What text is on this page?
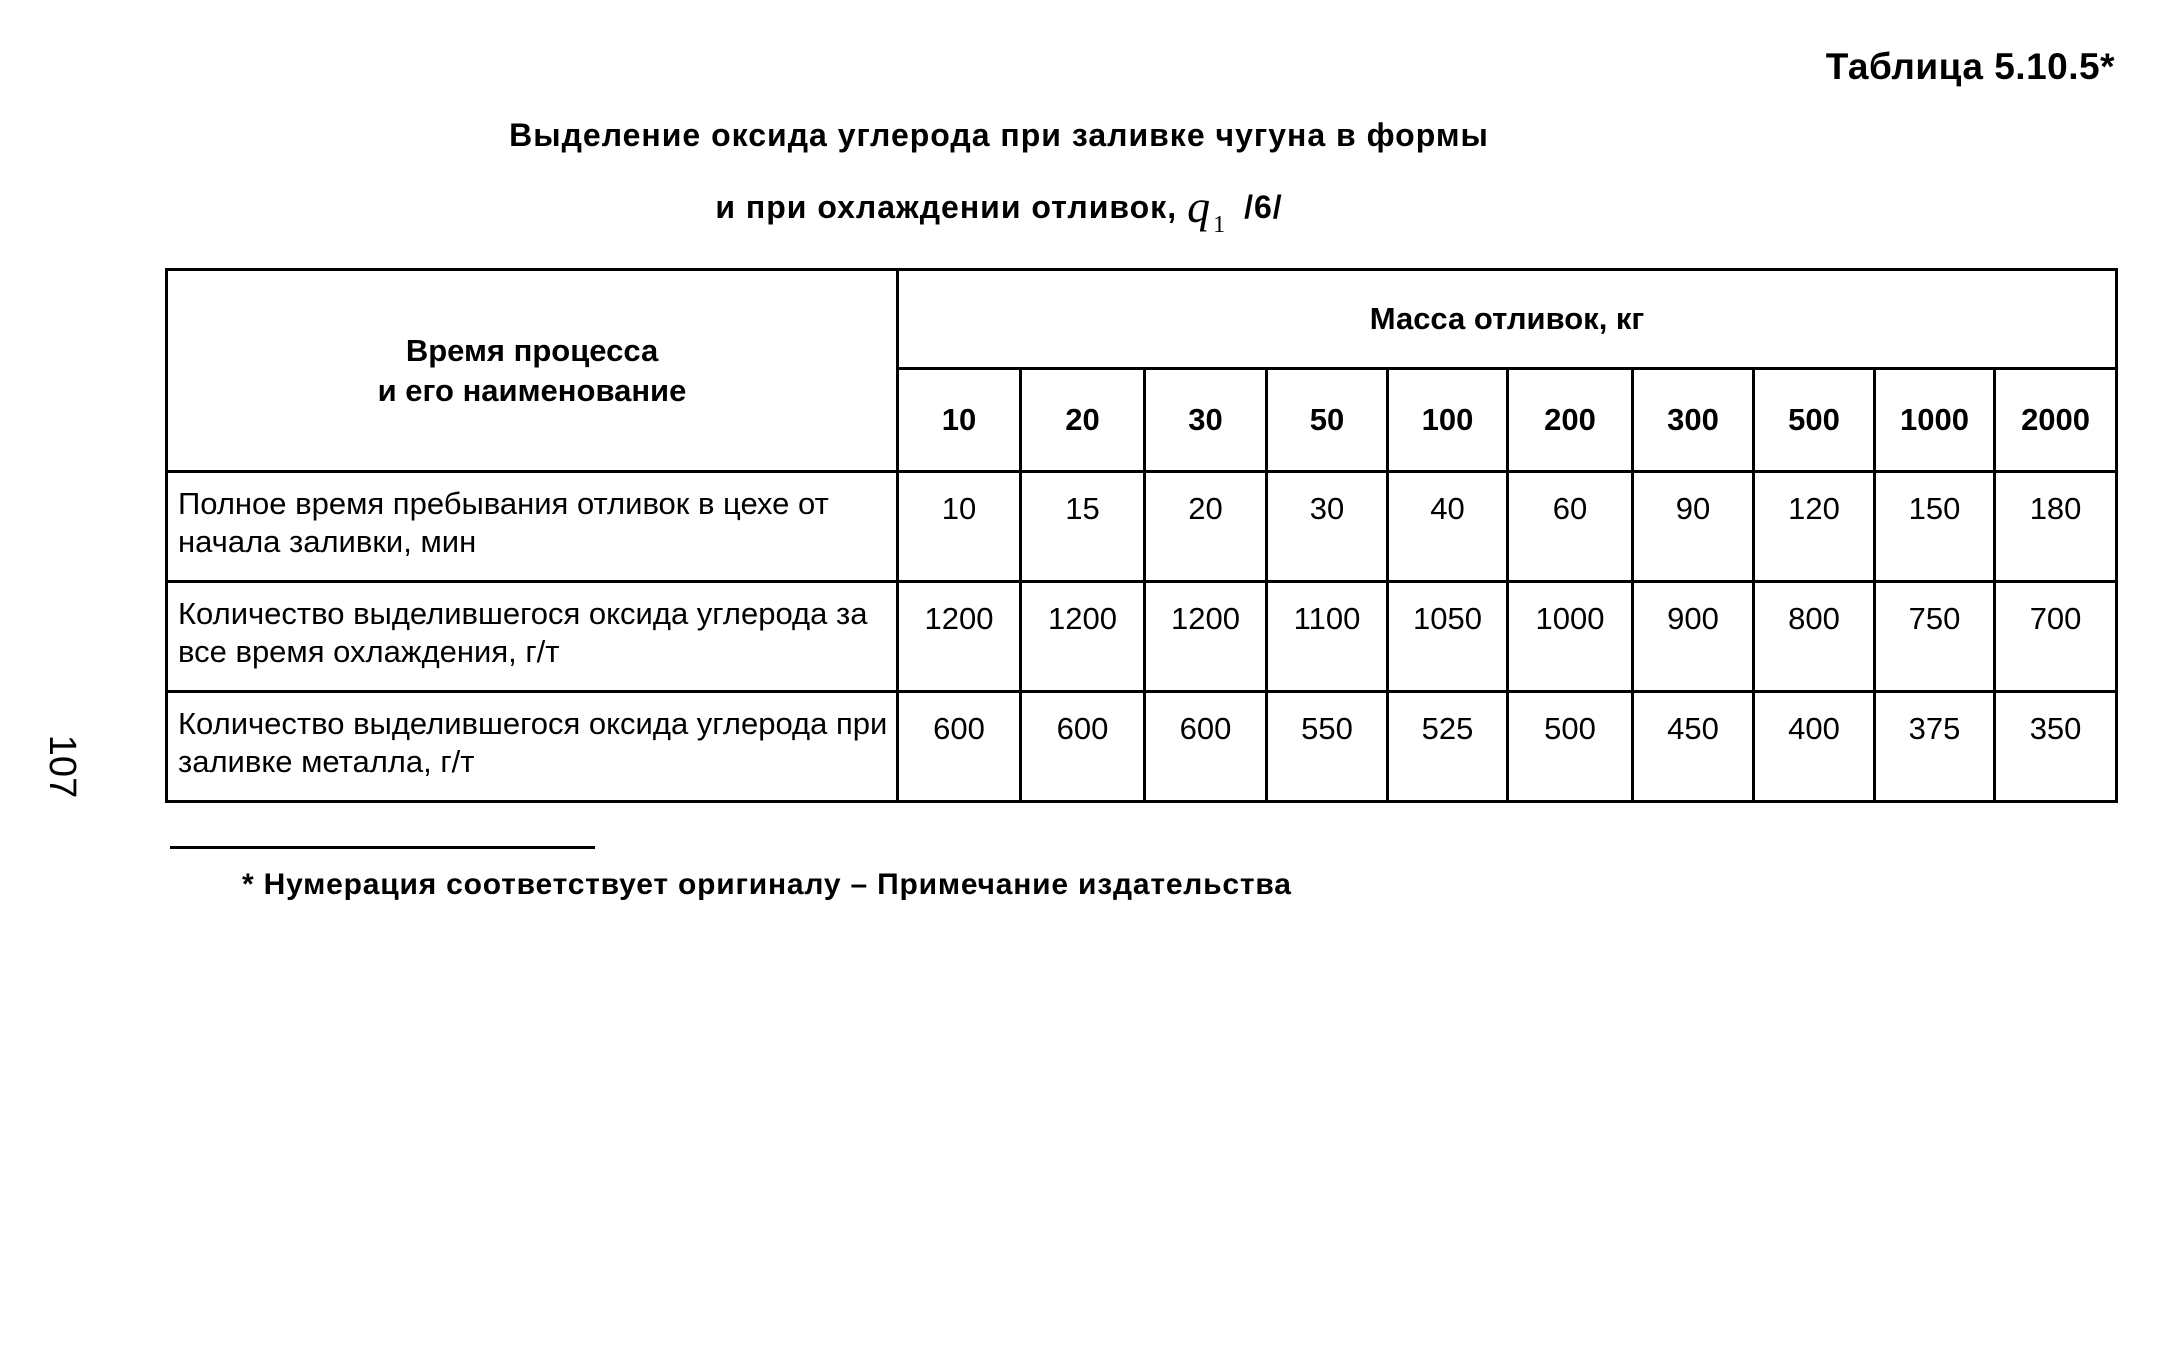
Таблица 5.10.5*
Выделение оксида углерода при заливке чугуна в формы
и при охлаждении отливок, $q_1$ /6/
107
Время процесса
и его наименование	Масса отливок, кг									
	10	20	30	50	100	200	300	500	1000	2000
Полное время пребывания отливок в цехе от начала заливки, мин	10	15	20	30	40	60	90	120	150	180
Количество выделившегося оксида углерода за все время охлаждения, г/т	1200	1200	1200	1100	1050	1000	900	800	750	700
Количество выделившегося оксида углерода при заливке металла, г/т	600	600	600	550	525	500	450	400	375	350
* Нумерация соответствует оригиналу – Примечание издательства
